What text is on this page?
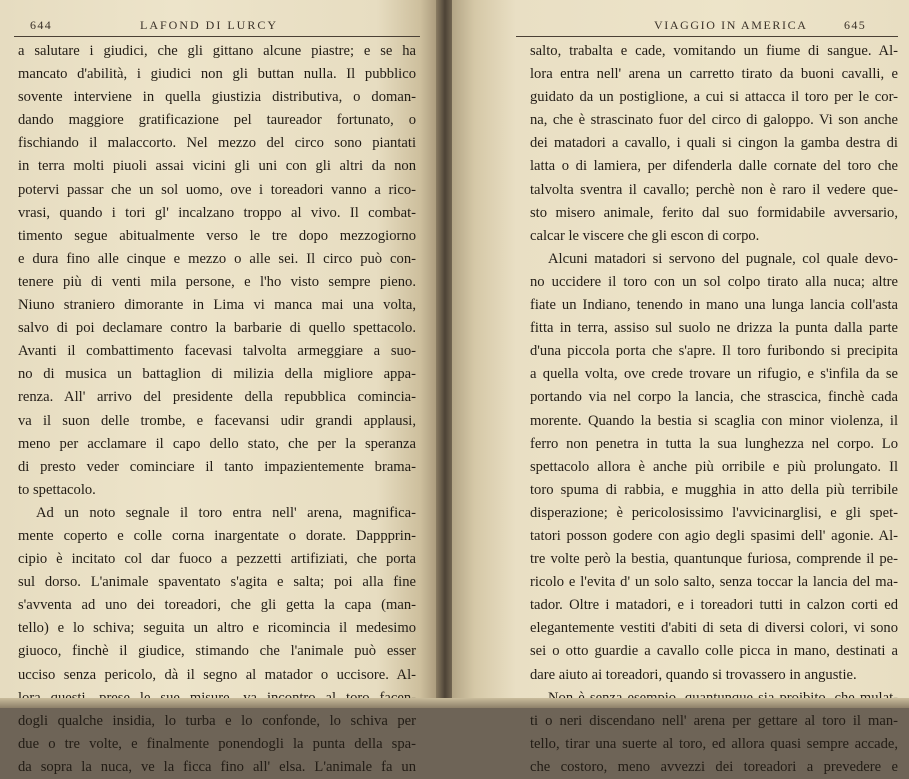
644	LAFOND DI LURCY
a salutare i giudici, che gli gittano alcune piastre; e se ha
mancato d'abilità, i giudici non gli buttan nulla. Il pubblico
sovente interviene in quella giustizia distributiva, o doman-
dando maggiore gratificazione pel taureador fortunato, o
fischiando il malaccorto. Nel mezzo del circo sono piantati
in terra molti piuoli assai vicini gli uni con gli altri da non
potervi passar che un sol uomo, ove i toreadori vanno a rico-
vrasi, quando i tori gl' incalzano troppo al vivo. Il combat-
timento segue abitualmente verso le tre dopo mezzogiorno
e dura fino alle cinque e mezzo o alle sei. Il circo può con-
tenere più di venti mila persone, e l'ho visto sempre pieno.
Niuno straniero dimorante in Lima vi manca mai una volta,
salvo di poi declamare contro la barbarie di quello spettacolo.
Avanti il combattimento facevasi talvolta armeggiare a suo-
no di musica un battaglion di milizia della migliore appa-
renza. All' arrivo del presidente della repubblica comincia-
va il suon delle trombe, e facevansi udir grandi applausi,
meno per acclamare il capo dello stato, che per la speranza
di presto veder cominciare il tanto impazientemente brama-
to spettacolo.
Ad un noto segnale il toro entra nell' arena, magnifica-
mente coperto e colle corna inargentate o dorate. Dappprin-
cipio è incitato col dar fuoco a pezzetti artifiziati, che porta
sul dorso. L'animale spaventato s'agita e salta; poi alla fine
s'avventa ad uno dei toreadori, che gli getta la capa (man-
tello) e lo schiva; seguita un altro e ricomincia il medesimo
giuoco, finchè il giudice, stimando che l'animale può esser
ucciso senza pericolo, dà il segno al matador o uccisore. Al-
dogli qualche insidia, lo turba e lo confonde, lo schiva per
due o tre volte, e finalmente ponendogli la punta della spa-
da sopra la nuca, ve la ficca fino all' elsa. L'animale fa un
VIAGGIO IN AMERICA	645
salto, trabalta e cade, vomitando un fiume di sangue. Al-
lora entra nell' arena un carretto tirato da buoni cavalli, e
guidato da un postiglione, a cui si attacca il toro per le cor-
na, che è strascinato fuor del circo di galoppo. Vi son anche
dei matadori a cavallo, i quali si cingon la gamba destra di
latta o di lamiera, per difenderla dalle cornate del toro che
talvolta sventra il cavallo; perchè non è raro il vedere que-
sto misero animale, ferito dal suo formidabile avversario,
calcar le viscere che gli escon di corpo.
Alcuni matadori si servono del pugnale, col quale devo-
no uccidere il toro con un sol colpo tirato alla nuca; altre
fiate un Indiano, tenendo in mano una lunga lancia coll'asta
fitta in terra, assiso sul suolo ne drizza la punta dalla parte
d'una piccola porta che s'apre. Il toro furibondo si precipita
a quella volta, ove crede trovare un rifugio, e s'infila da se
portando via nel corpo la lancia, che strascica, finchè cada
morente. Quando la bestia si scaglia con minor violenza, il
ferro non penetra in tutta la sua lunghezza nel corpo. Lo
spettacolo allora è anche più orribile e più prolungato. Il
toro spuma di rabbia, e mugghia in atto della più terribile
disperazione; è pericolosissimo l'avvicinarglisi, e gli spet-
tatori posson godere con agio degli spasimi dell' agonie. Al-
tre volte però la bestia, quantunque furiosa, comprende il pe-
ricolo e l'evita d' un solo salto, senza toccar la lancia del ma-
tador. Oltre i matadori, e i toreadori tutti in calzon corti ed
elegantemente vestiti d'abiti di seta di diversi colori, vi sono
sei o otto guardie a cavallo colle picca in mano, destinati a
dare aiuto ai toreadori, quando si trovassero in angustie.
ti o neri discendano nell' arena per gettare al toro il man-
tello, tirar una suerte al toro, ed allora quasi sempre accade,
che costoro, meno avvezzi dei toreadori a prevedere e
